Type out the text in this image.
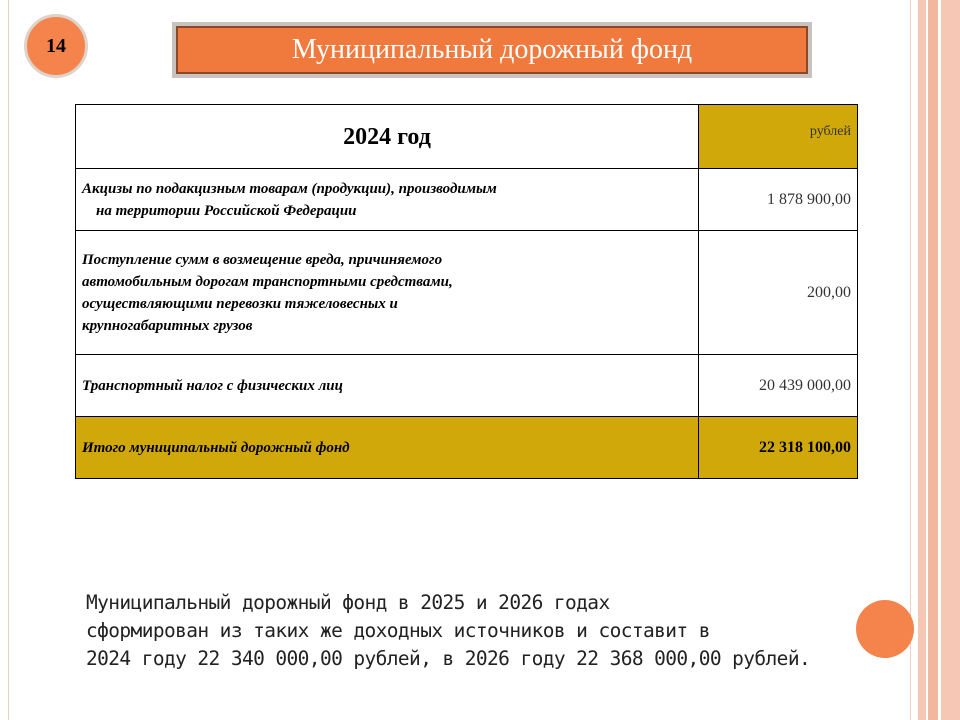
14	Муниципальный дорожный фонд
2024 год	рублей
Акцизы по подакцизным товарам (продукции), производимым
на территории Российской Федерации	1 878 900,00

Поступление сумм в возмещение вреда, причиняемого
автомобильным дорогам транспортными средствами,
осуществляющими перевозки тяжеловесных и
крупногабаритных грузов	200,00
Транспортный налог с физических лиц	20 439 000,00
Итого муниципальный дорожный фонд	22 318 100,00
Муниципальный дорожный фонд в 2025 и 2026 годах
сформирован из таких же доходных источников и составит в
2024 году 22 340 000,00 рублей, в 2026 году 22 368 000,00 рублей.
